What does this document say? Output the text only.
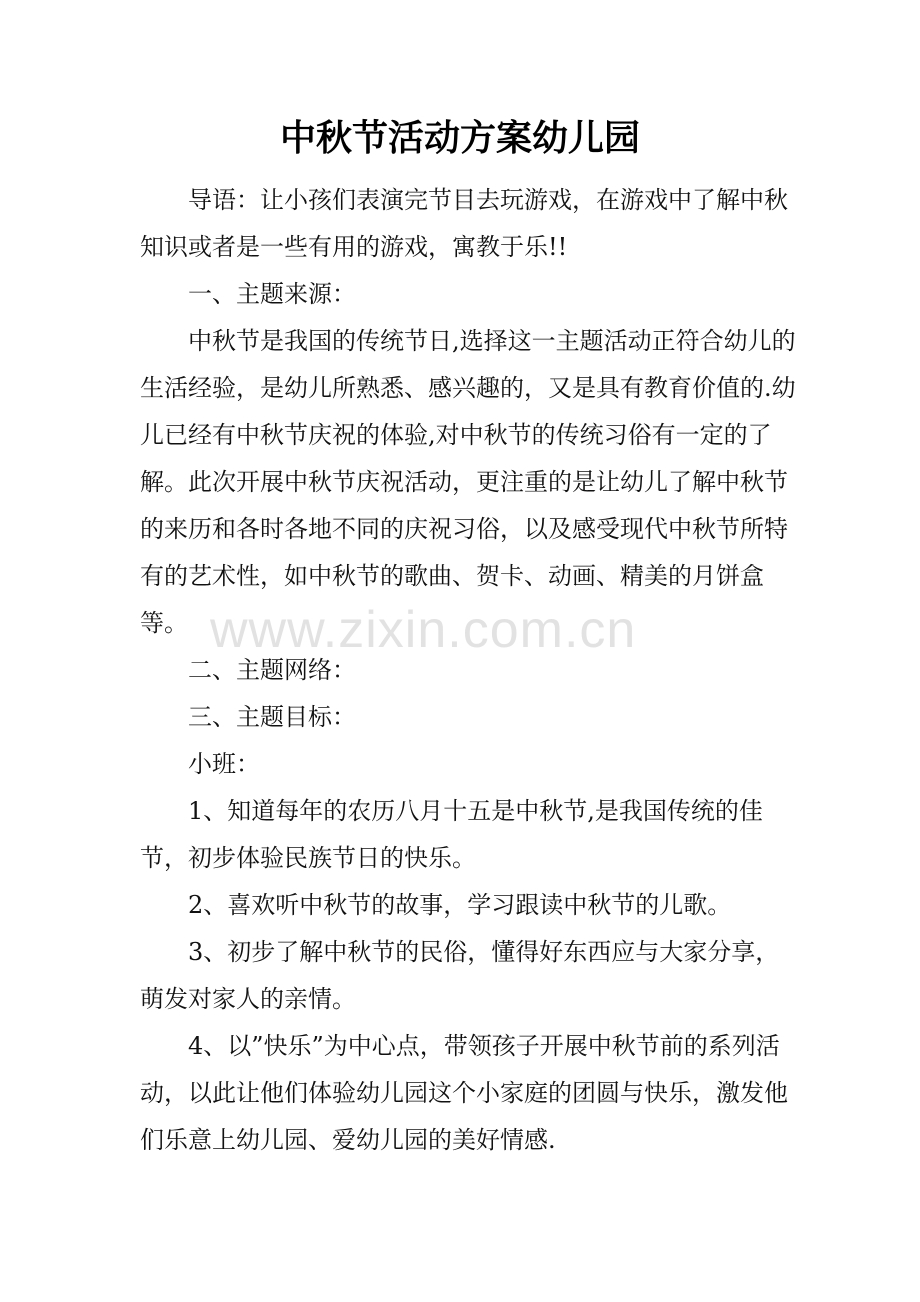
中秋节活动方案幼儿园

导语：让小孩们表演完节目去玩游戏，在游戏中了解中秋知识或者是一些有用的游戏，寓教于乐!!

一、主题来源：

中秋节是我国的传统节日,选择这一主题活动正符合幼儿的生活经验，是幼儿所熟悉、感兴趣的，又是具有教育价值的.幼儿已经有中秋节庆祝的体验,对中秋节的传统习俗有一定的了解。此次开展中秋节庆祝活动，更注重的是让幼儿了解中秋节的来历和各时各地不同的庆祝习俗，以及感受现代中秋节所特有的艺术性，如中秋节的歌曲、贺卡、动画、精美的月饼盒等。

二、主题网络：

三、主题目标：

小班：

1、知道每年的农历八月十五是中秋节,是我国传统的佳节，初步体验民族节日的快乐。

2、喜欢听中秋节的故事，学习跟读中秋节的儿歌。

3、初步了解中秋节的民俗，懂得好东西应与大家分享，萌发对家人的亲情。

4、以”快乐”为中心点，带领孩子开展中秋节前的系列活动，以此让他们体验幼儿园这个小家庭的团圆与快乐，激发他们乐意上幼儿园、爱幼儿园的美好情感.

www.zixin.com.cn
